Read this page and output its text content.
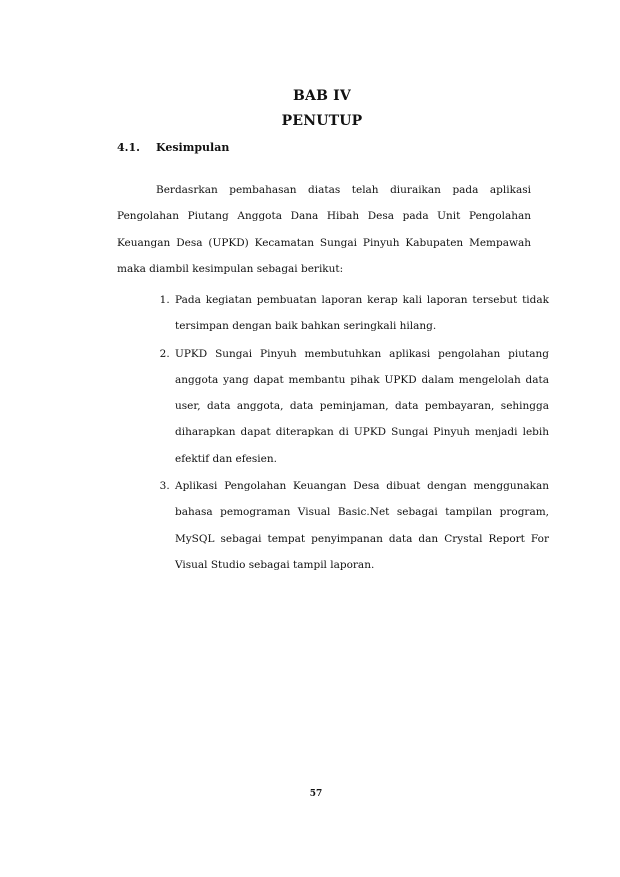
BAB IV
PENUTUP
4.1. Kesimpulan

Berdasrkan pembahasan diatas telah diuraikan pada aplikasi Pengolahan Piutang Anggota Dana Hibah Desa pada Unit Pengolahan Keuangan Desa (UPKD) Kecamatan Sungai Pinyuh Kabupaten Mempawah maka diambil kesimpulan sebagai berikut:

1. Pada kegiatan pembuatan laporan kerap kali laporan tersebut tidak tersimpan dengan baik bahkan seringkali hilang.
2. UPKD Sungai Pinyuh membutuhkan aplikasi pengolahan piutang anggota yang dapat membantu pihak UPKD dalam mengelolah data user, data anggota, data peminjaman, data pembayaran, sehingga diharapkan dapat diterapkan di UPKD Sungai Pinyuh menjadi lebih efektif dan efesien.
3. Aplikasi Pengolahan Keuangan Desa dibuat dengan menggunakan bahasa pemograman Visual Basic.Net sebagai tampilan program, MySQL sebagai tempat penyimpanan data dan Crystal Report For Visual Studio sebagai tampil laporan.

57
